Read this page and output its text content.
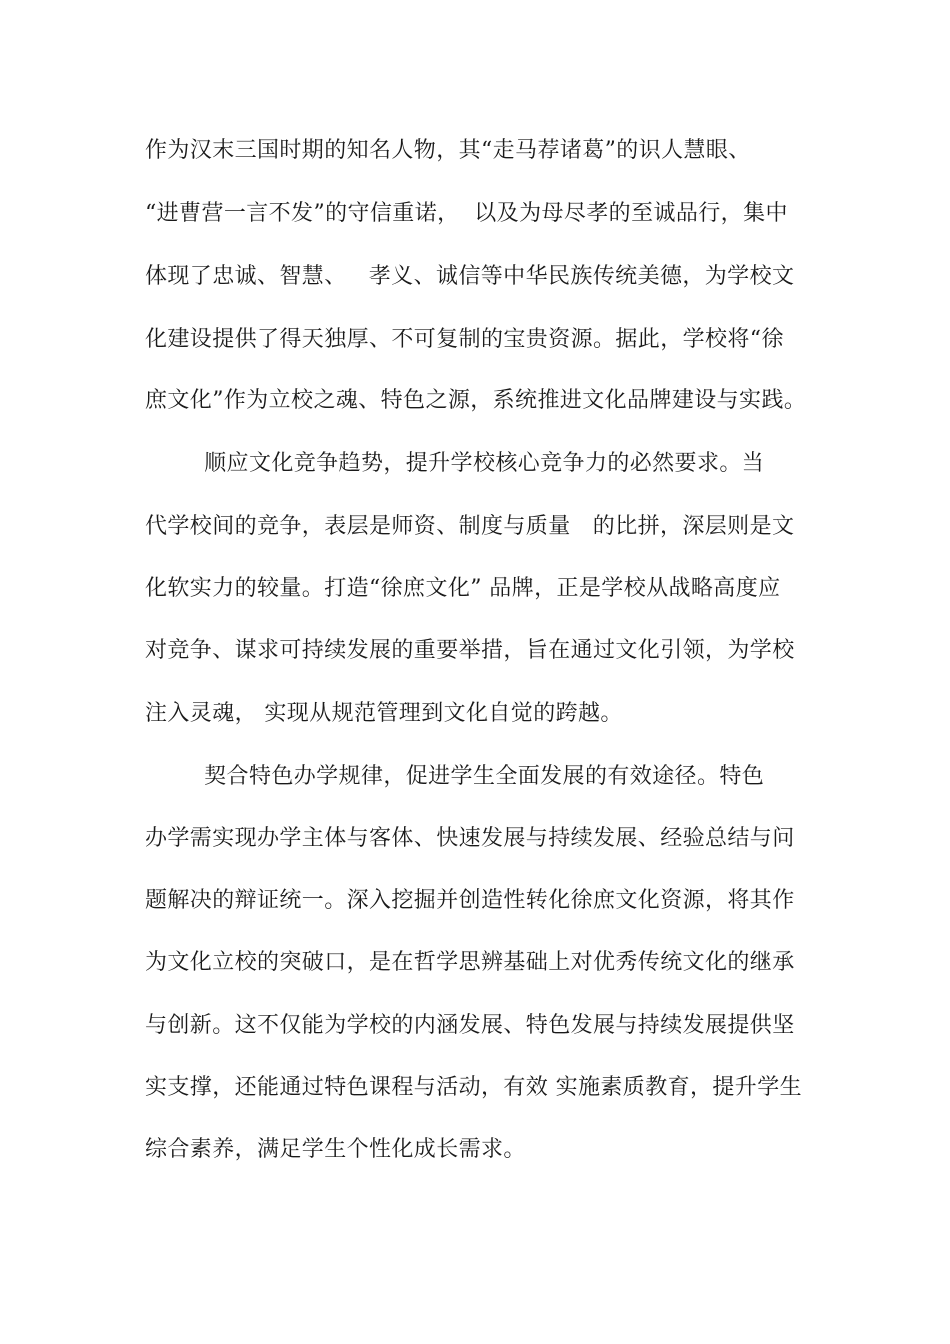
作为汉末三国时期的知名人物，其“走马荐诸葛”的识人慧眼、
“进曹营一言不发”的守信重诺，  以及为母尽孝的至诚品行，集中
体现了忠诚、智慧、   孝义、诚信等中华民族传统美德，为学校文
化建设提供了得天独厚、不可复制的宝贵资源。据此，学校将“徐
庶文化”作为立校之魂、特色之源，系统推进文化品牌建设与实践。
顺应文化竞争趋势，提升学校核心竞争力的必然要求。当
代学校间的竞争，表层是师资、制度与质量   的比拼，深层则是文
化软实力的较量。打造“徐庶文化” 品牌，正是学校从战略高度应
对竞争、谋求可持续发展的重要举措，旨在通过文化引领，为学校
注入灵魂， 实现从规范管理到文化自觉的跨越。
契合特色办学规律，促进学生全面发展的有效途径。特色
办学需实现办学主体与客体、快速发展与持续发展、经验总结与问
题解决的辩证统一。深入挖掘并创造性转化徐庶文化资源，将其作
为文化立校的突破口，是在哲学思辨基础上对优秀传统文化的继承
与创新。这不仅能为学校的内涵发展、特色发展与持续发展提供坚
实支撑，还能通过特色课程与活动，有效 实施素质教育，提升学生
综合素养，满足学生个性化成长需求。
